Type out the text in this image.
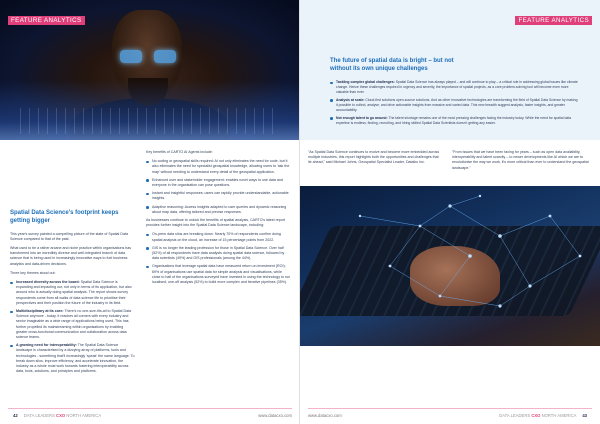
FEATURE ANALYTICS
Spatial Data Science's footprint keeps getting bigger

This year's survey painted a compelling picture of the state of Spatial Data Science compared to that of the past.

What used to be a rather arcane and niche practice within organisations has transformed into an incredibly diverse and well-integrated branch of data science that is being used in increasingly innovative ways to fuel business analytics and data-driven decisions.

Three key themes stood out:

Increased diversity across the board: Spatial Data Science is expanding and impacting our, not only in terms of its application, but also around who is actually doing spatial analysis. The report shows survey respondents come from all walks of data science life to prioritise their perspectives and their position the future of the industry in its field.
Multidisciplinary at its core: There's no one-size-fits-all to Spatial Data Science anymore - today, it reaches all corners with every industry and sector imaginable as a wide range of applications being used. This has further propelled its mainstreaming within organisations by enabling greater cross-functional communication and collaboration across data science teams.
A growing need for interoperability: The Spatial Data Science landscape is characterised by a dizzying array of platforms, tools and technologies - something that'll increasingly 'speak' the same language. To break down silos, improve efficiency, and accelerate innovation, the industry as a whole must work towards fostering interoperability across data, tools, solutions, and principles and platforms.

Key benefits of CARTO AI Agents include:

No coding or geospatial skills required: AI not only eliminates the need for code, but it also eliminates the need for specialist geospatial knowledge, allowing users to 'ask the map' without needing to understand every detail of the geospatial application.
Enhanced user and stakeholder engagement: enables novel ways to use data and everyone in the organisation can pose questions.
Instant and insightful responses: users can rapidly provide understandable, actionable insights.
Adaptive reasoning: Access insights adapted to user queries and dynamic reasoning about map data, offering tailored and precise responses.

As businesses continue to unlock the benefits of spatial analysis, CARTO's latest report provides further insight into the Spatial Data Science landscape, including:

On-prem data silos are breaking down. Nearly 70% of respondents confirm doing spatial analysis on the cloud, an increase of 15 percentage points from 2022.
GIS is no longer the leading profession for those in Spatial Data Science. Over half (52%) of all respondents have data analysts doing spatial data science, followed by data scientists (49%) and GIS professionals (among the 44%).
Organisations that leverage spatial data have measured return on investment (ROI): 69% of organisations use spatial data for simple analysis and visualisations, while close to half of the organisations surveyed have invested in using the technology to run localised, one-off analysis (52%) to build more complex and iterative pipelines (35%).
42 DATA LEADERS CXO NORTH AMERICA	www.datacxo.com
The future of spatial data is bright – but not without its own unique challenges
Tackling complex global challenges: Spatial Data Science has always played – and will continue to play – a critical role in addressing global issues like climate change. Hence these challenges required in urgency and severity, the importance of spatial projects, as a core problem-solving tool will become even more valuable than ever.
Analysis at scale: Cloud-first solutions open-source solutions. And as other innovative technologies are transforming the field of Spatial Data Science by making it possible to collect, analyse, and drive actionable insights from massive and varied data. This new breadth suggest analysis, faster insights, and greater accountability.
Not enough talent to go around: The talent shortage remains one of the most pressing challenges facing the industry today. While the need for spatial data expertise is endless, finding, recruiting, and hiring skilled Spatial Data Scientists doesn't getting any easier.
FEATURE ANALYTICS

"As Spatial Data Science continues to evolve and become more embedded across multiple industries, this report highlights both the opportunities and challenges that lie ahead," said Michael Johns, Geospatial Specialist Leader, Dataiku Inc.

"From issues that we have been facing for years – such as open data availability, interoperability and talent scarcity – to newer developments like AI which we are to revolutionise the way we work, it's more critical than ever to understand the geospatial landscape."

www.datacxo.com	DATA LEADERS CXO NORTH AMERICA 43
